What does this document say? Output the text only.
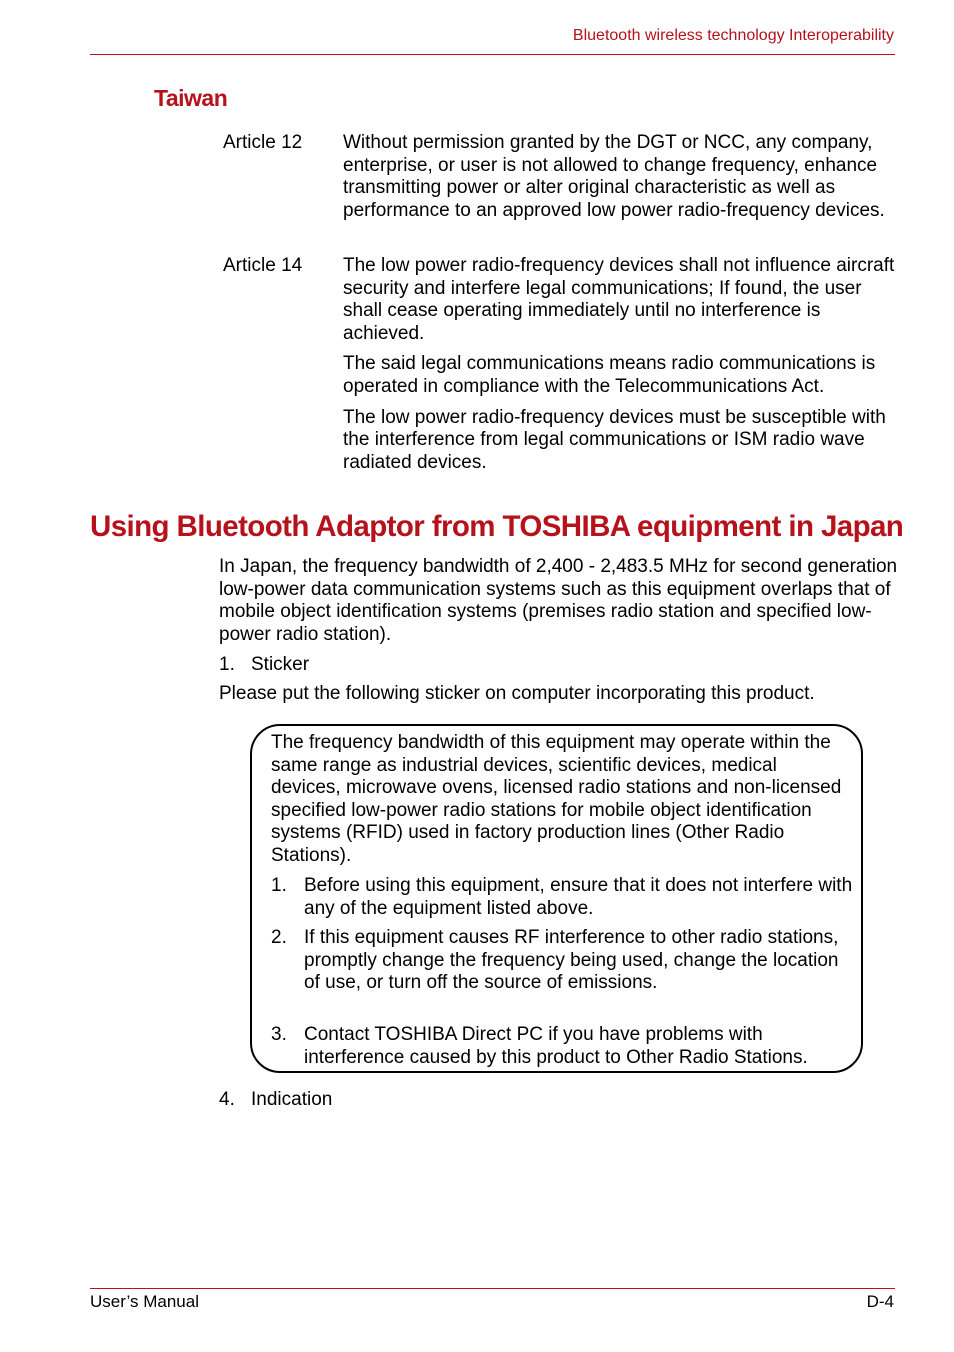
Bluetooth wireless technology Interoperability
Taiwan
Article 12 Without permission granted by the DGT or NCC, any company, enterprise, or user is not allowed to change frequency, enhance transmitting power or alter original characteristic as well as performance to an approved low power radio-frequency devices.

Article 14 The low power radio-frequency devices shall not influence aircraft security and interfere legal communications; If found, the user shall cease operating immediately until no interference is achieved.

The said legal communications means radio communications is operated in compliance with the Telecommunications Act.

The low power radio-frequency devices must be susceptible with the interference from legal communications or ISM radio wave radiated devices.

Using Bluetooth Adaptor from TOSHIBA equipment in Japan

In Japan, the frequency bandwidth of 2,400 - 2,483.5 MHz for second generation low-power data communication systems such as this equipment overlaps that of mobile object identification systems (premises radio station and specified low-power radio station).

1. Sticker

Please put the following sticker on computer incorporating this product.

The frequency bandwidth of this equipment may operate within the same range as industrial devices, scientific devices, medical devices, microwave ovens, licensed radio stations and non-licensed specified low-power radio stations for mobile object identification systems (RFID) used in factory production lines (Other Radio Stations).

1. Before using this equipment, ensure that it does not interfere with any of the equipment listed above.
2. If this equipment causes RF interference to other radio stations, promptly change the frequency being used, change the location of use, or turn off the source of emissions.
3. Contact TOSHIBA Direct PC if you have problems with interference caused by this product to Other Radio Stations.
4. Indication
User’s Manual	D-4
